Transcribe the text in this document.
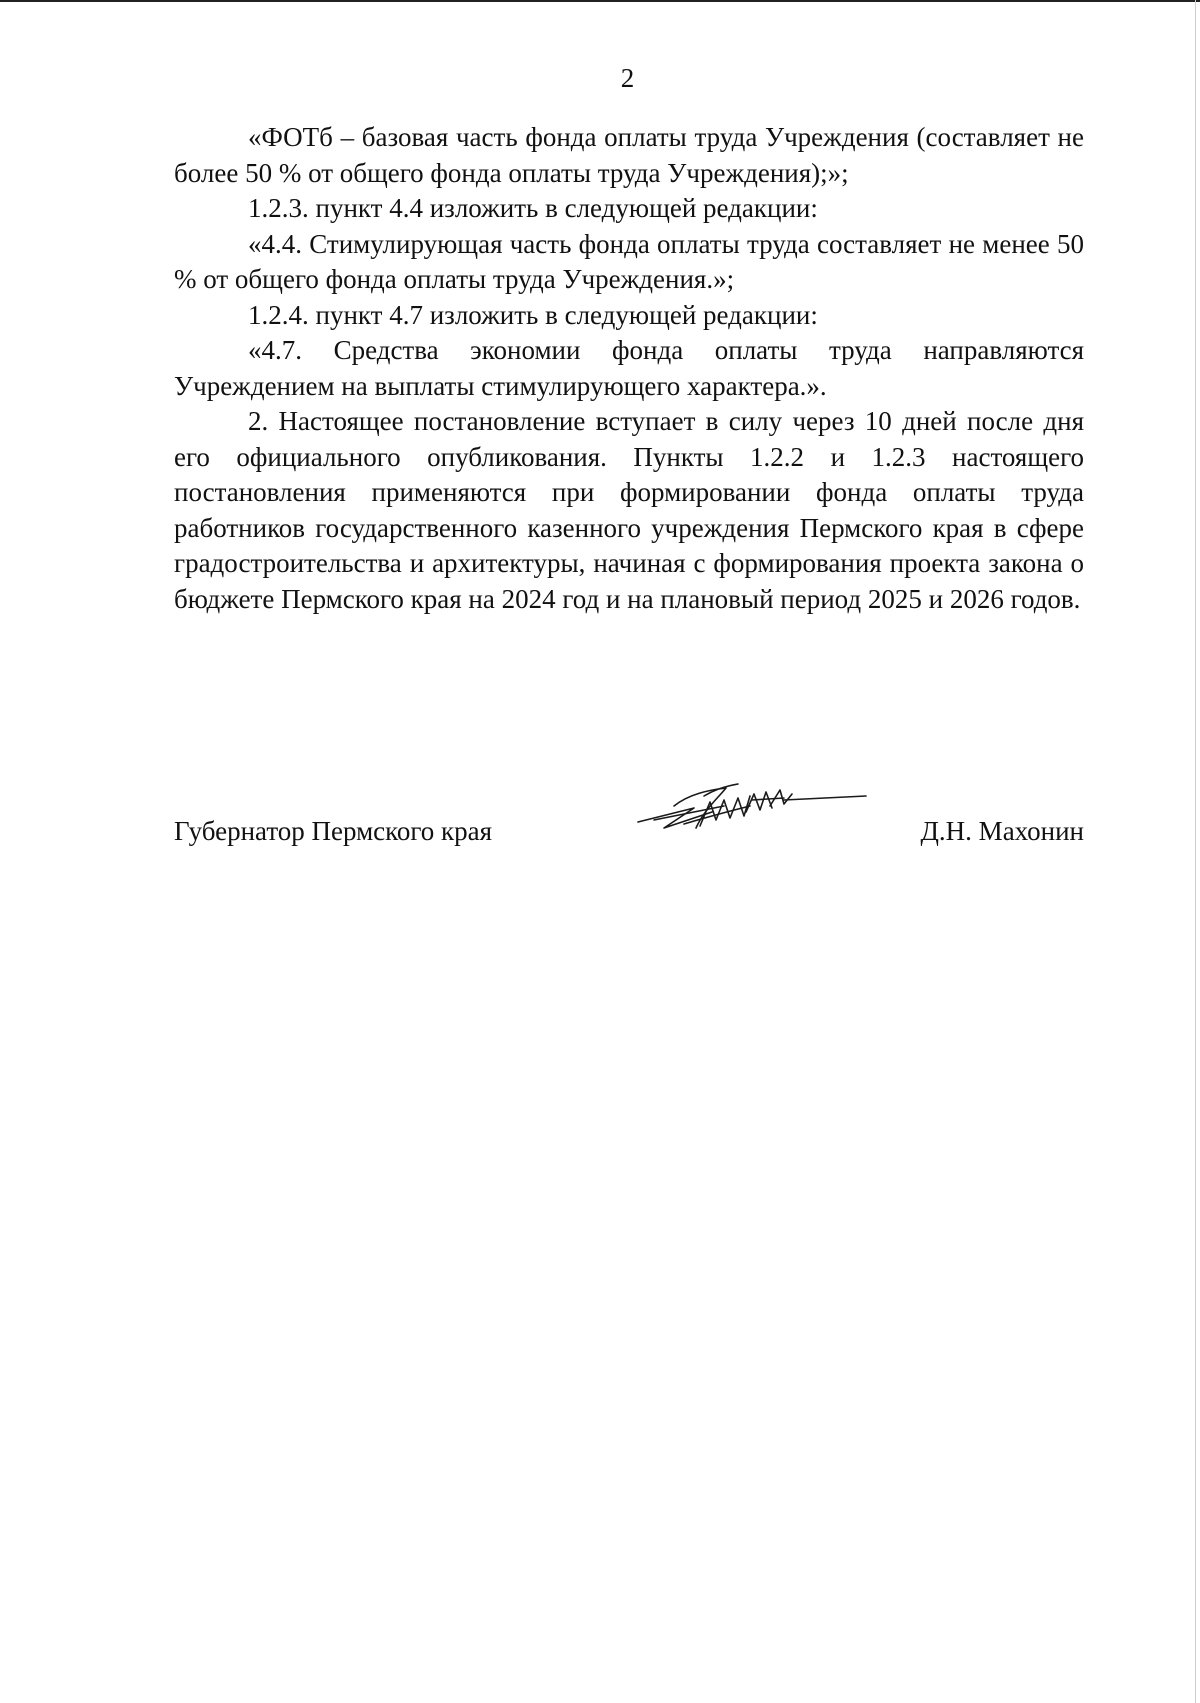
2

«ФОТб – базовая часть фонда оплаты труда Учреждения (составляет не более 50 % от общего фонда оплаты труда Учреждения);»;

1.2.3. пункт 4.4 изложить в следующей редакции:

«4.4. Стимулирующая часть фонда оплаты труда составляет не менее 50 % от общего фонда оплаты труда Учреждения.»;

1.2.4. пункт 4.7 изложить в следующей редакции:

«4.7. Средства экономии фонда оплаты труда направляются Учреждением на выплаты стимулирующего характера.».

2. Настоящее постановление вступает в силу через 10 дней после дня его официального опубликования. Пункты 1.2.2 и 1.2.3 настоящего постановления применяются при формировании фонда оплаты труда работников государственного казенного учреждения Пермского края в сфере градостроительства и архитектуры, начиная с формирования проекта закона о бюджете Пермского края на 2024 год и на плановый период 2025 и 2026 годов.

Губернатор Пермского края	Д.Н. Махонин
